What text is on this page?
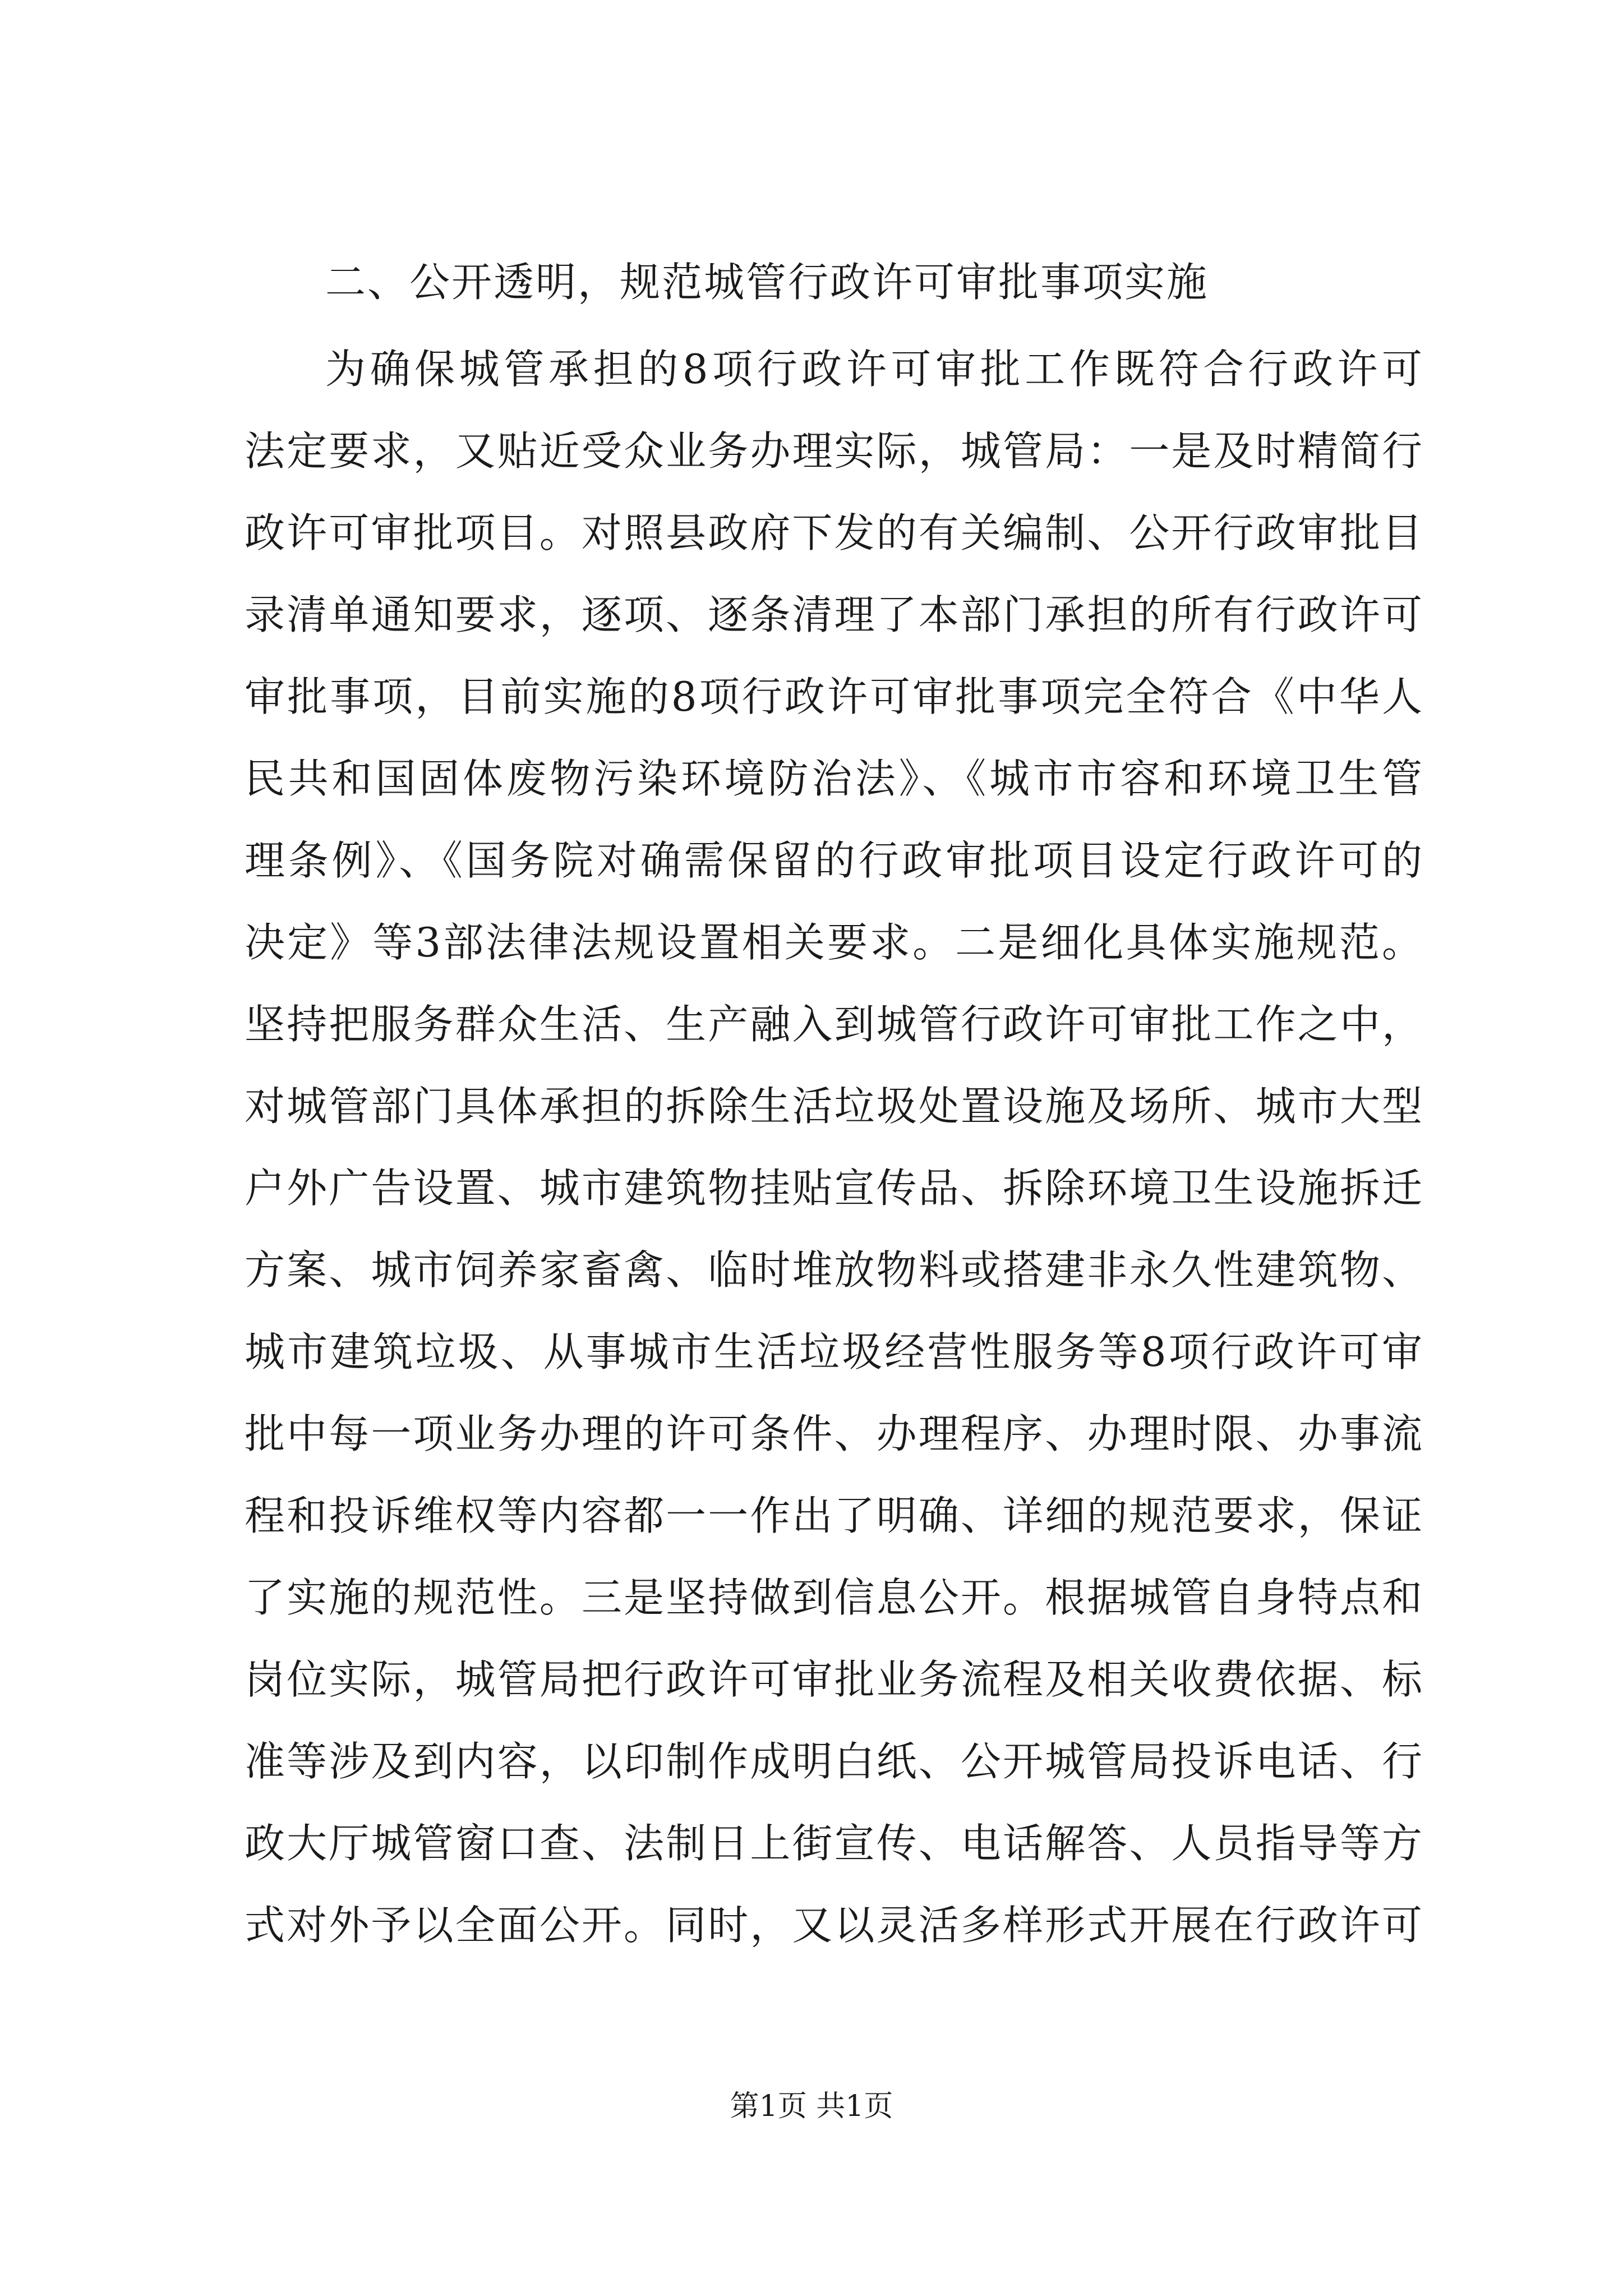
二、公开透明，规范城管行政许可审批事项实施

为确保城管承担的8项行政许可审批工作既符合行政许可

法定要求，又贴近受众业务办理实际，城管局：一是及时精简行

政许可审批项目。对照县政府下发的有关编制、公开行政审批目

录清单通知要求，逐项、逐条清理了本部门承担的所有行政许可

审批事项，目前实施的8项行政许可审批事项完全符合《中华人

民共和国固体废物污染环境防治法》、《城市市容和环境卫生管

理条例》、《国务院对确需保留的行政审批项目设定行政许可的

决定》等3部法律法规设置相关要求。二是细化具体实施规范。

坚持把服务群众生活、生产融入到城管行政许可审批工作之中，

对城管部门具体承担的拆除生活垃圾处置设施及场所、城市大型

户外广告设置、城市建筑物挂贴宣传品、拆除环境卫生设施拆迁

方案、城市饲养家畜禽、临时堆放物料或搭建非永久性建筑物、

城市建筑垃圾、从事城市生活垃圾经营性服务等8项行政许可审

批中每一项业务办理的许可条件、办理程序、办理时限、办事流

程和投诉维权等内容都一一作出了明确、详细的规范要求，保证

了实施的规范性。三是坚持做到信息公开。根据城管自身特点和

岗位实际，城管局把行政许可审批业务流程及相关收费依据、标

准等涉及到内容，以印制作成明白纸、公开城管局投诉电话、行

政大厅城管窗口查、法制日上街宣传、电话解答、人员指导等方

式对外予以全面公开。同时，又以灵活多样形式开展在行政许可

第1页 共1页
